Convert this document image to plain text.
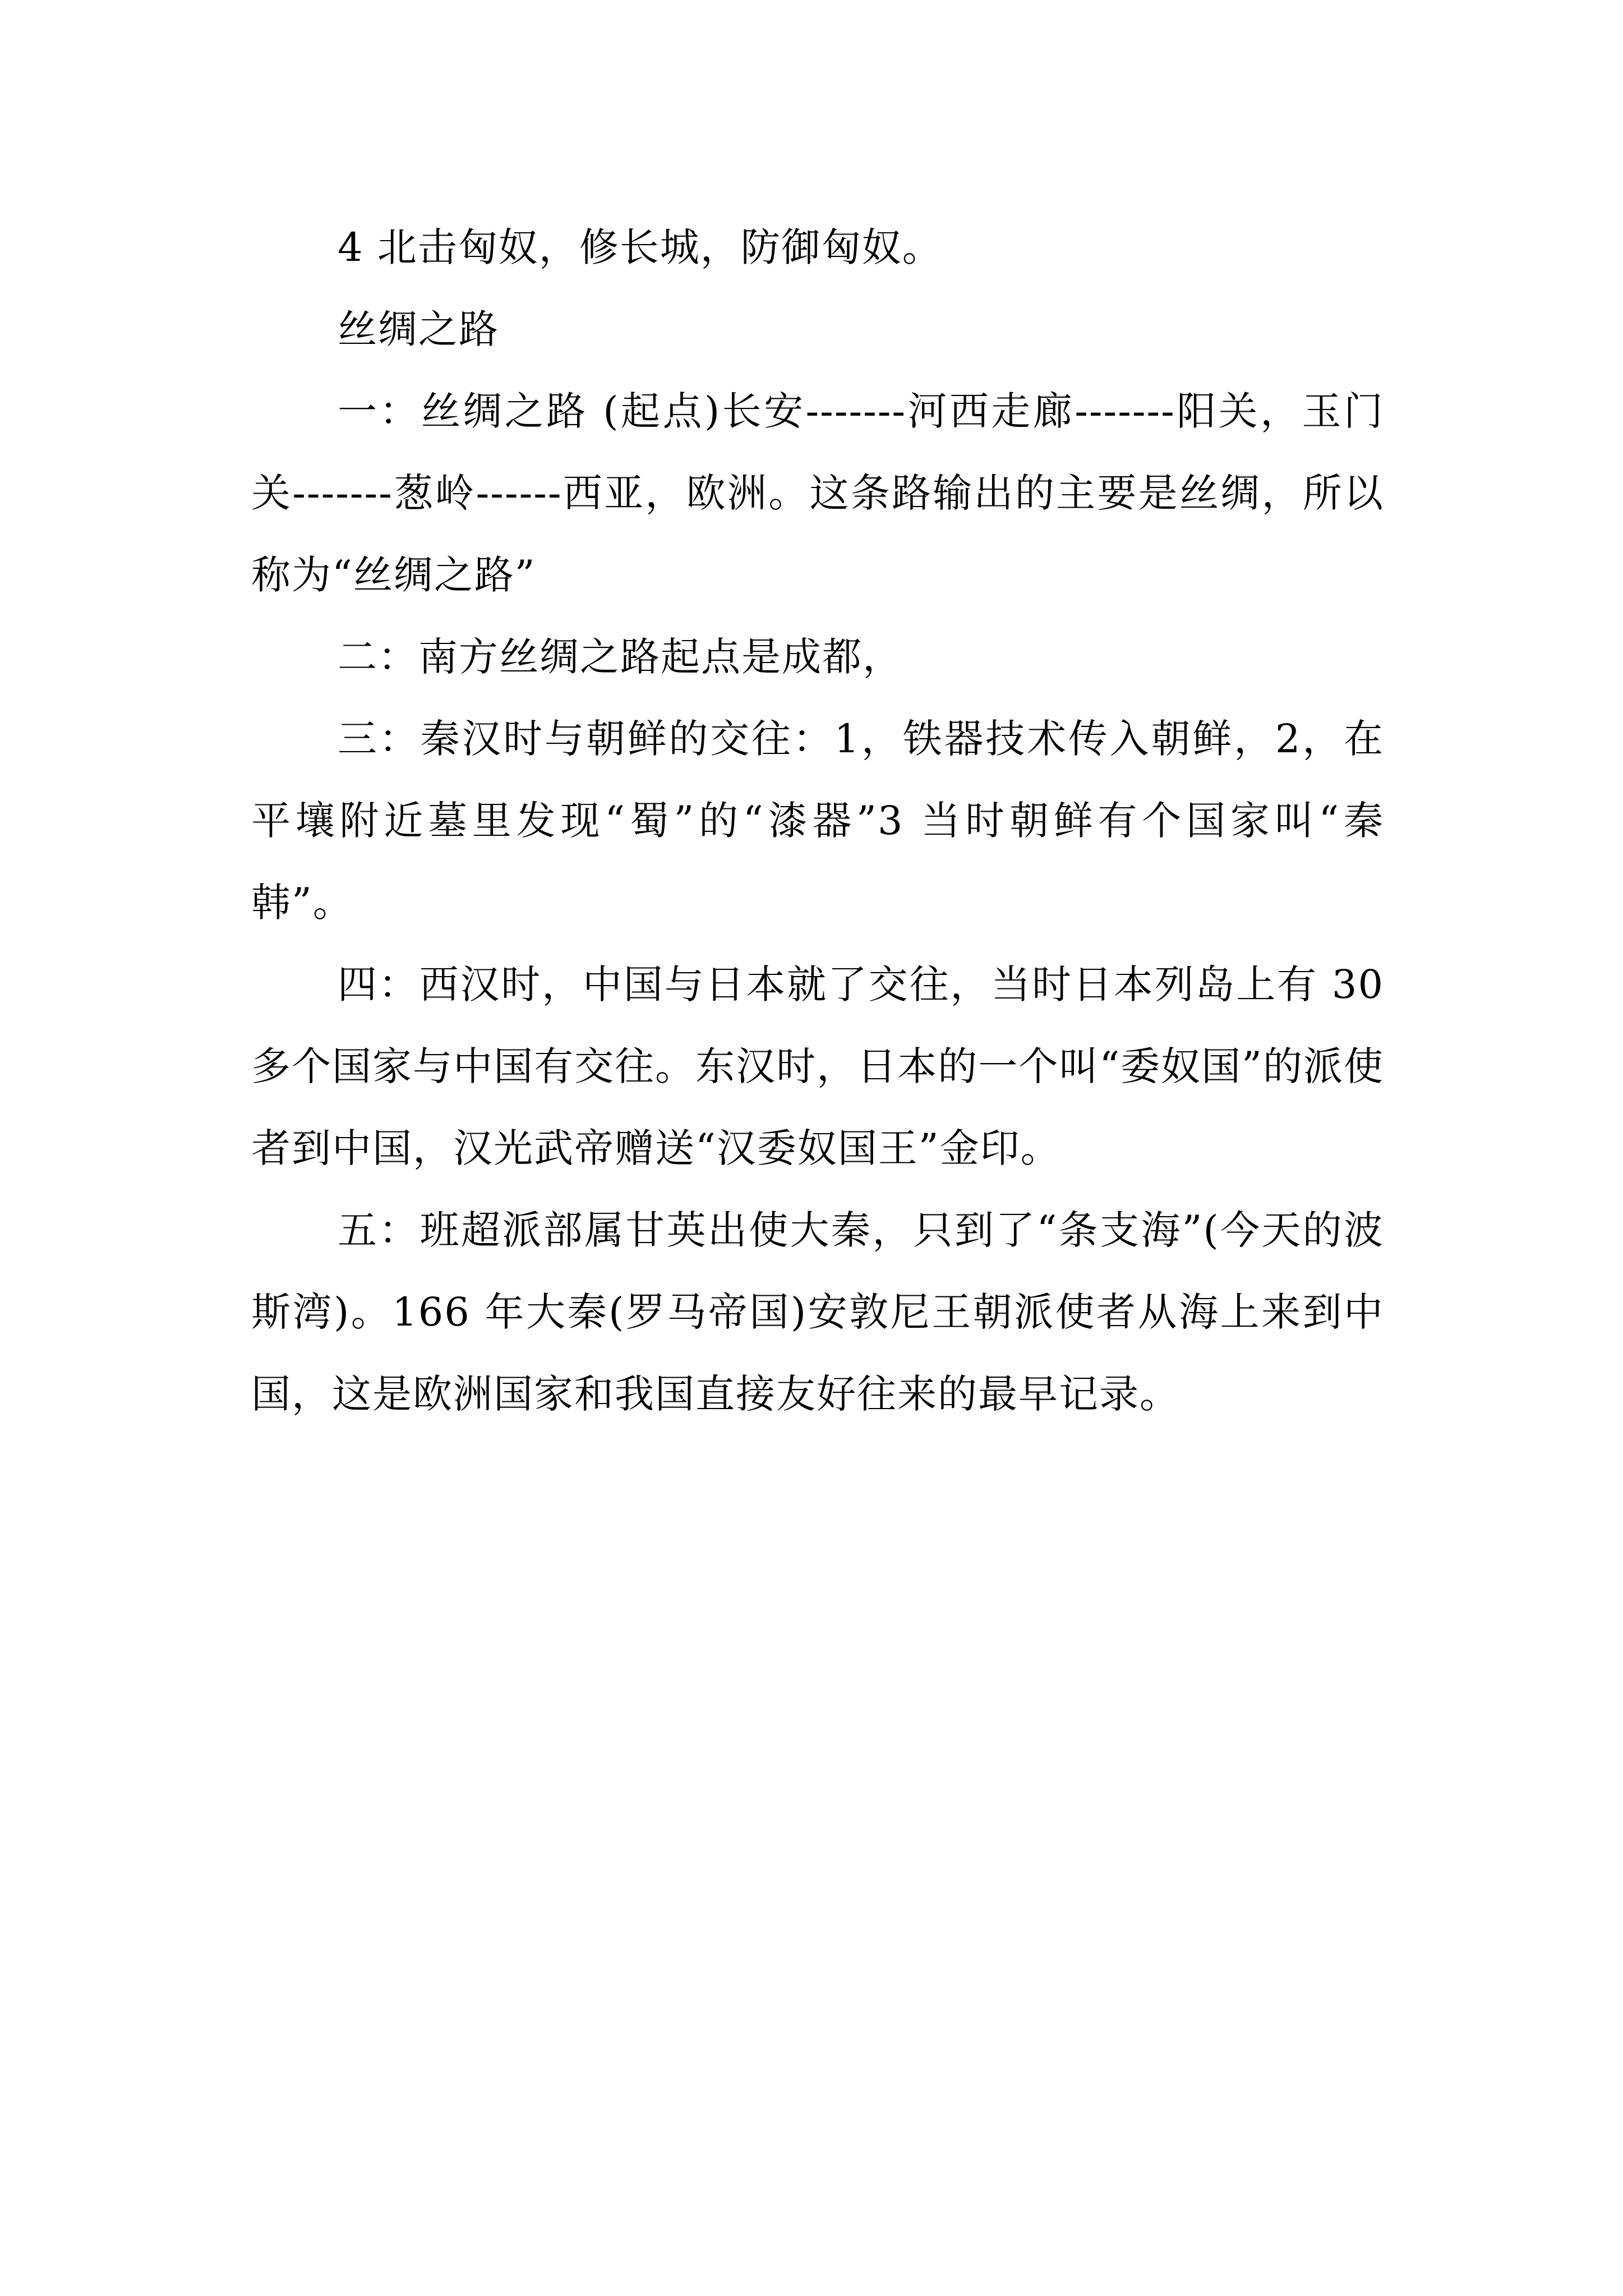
4 北击匈奴，修长城，防御匈奴。

丝绸之路

一：丝绸之路 (起点)长安-------河西走廊-------阳关，玉门关-------葱岭------西亚，欧洲。这条路输出的主要是丝绸，所以称为“丝绸之路”

二：南方丝绸之路起点是成都，

三：秦汉时与朝鲜的交往：1，铁器技术传入朝鲜，2，在平壤附近墓里发现“蜀”的“漆器”3 当时朝鲜有个国家叫“秦韩”。

四：西汉时，中国与日本就了交往，当时日本列岛上有 30 多个国家与中国有交往。东汉时，日本的一个叫“委奴国”的派使者到中国，汉光武帝赠送“汉委奴国王”金印。

五：班超派部属甘英出使大秦，只到了“条支海”(今天的波斯湾)。166 年大秦(罗马帝国)安敦尼王朝派使者从海上来到中国，这是欧洲国家和我国直接友好往来的最早记录。
